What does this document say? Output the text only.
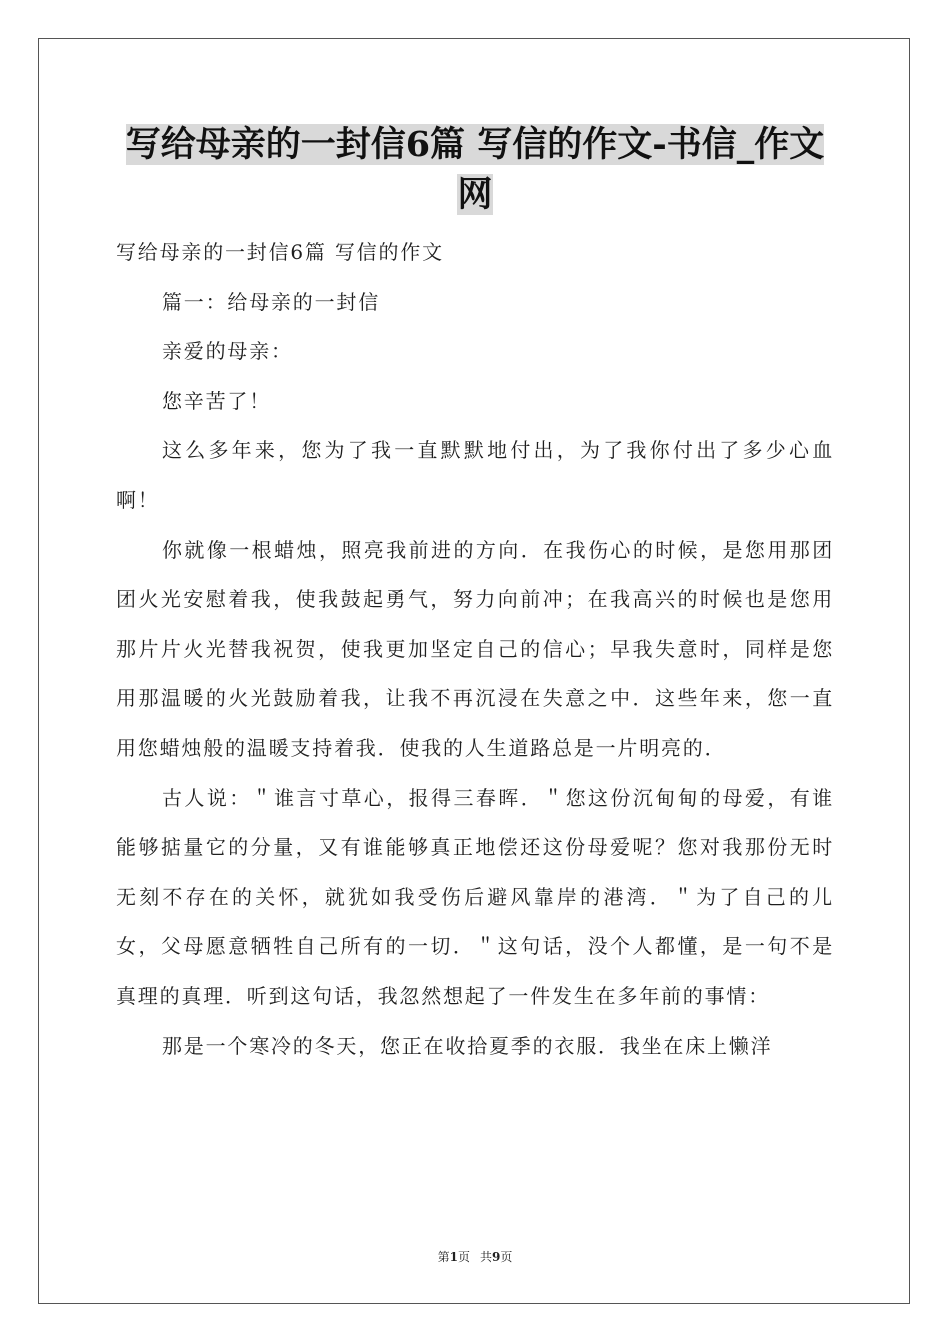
写给母亲的一封信6篇 写信的作文-书信_作文网

写给母亲的一封信6篇 写信的作文

篇一：给母亲的一封信

亲爱的母亲：

您辛苦了！

这么多年来，您为了我一直默默地付出，为了我你付出了多少心血啊！

你就像一根蜡烛，照亮我前进的方向．在我伤心的时候，是您用那团团火光安慰着我，使我鼓起勇气，努力向前冲；在我高兴的时候也是您用那片片火光替我祝贺，使我更加坚定自己的信心；早我失意时，同样是您用那温暖的火光鼓励着我，让我不再沉浸在失意之中．这些年来，您一直用您蜡烛般的温暖支持着我．使我的人生道路总是一片明亮的．

古人说：＂谁言寸草心，报得三春晖．＂您这份沉甸甸的母爱，有谁能够掂量它的分量，又有谁能够真正地偿还这份母爱呢？您对我那份无时无刻不存在的关怀，就犹如我受伤后避风靠岸的港湾．＂为了自己的儿女，父母愿意牺牲自己所有的一切．＂这句话，没个人都懂，是一句不是真理的真理．听到这句话，我忽然想起了一件发生在多年前的事情：

那是一个寒冷的冬天，您正在收拾夏季的衣服．我坐在床上懒洋

第1页 共9页
